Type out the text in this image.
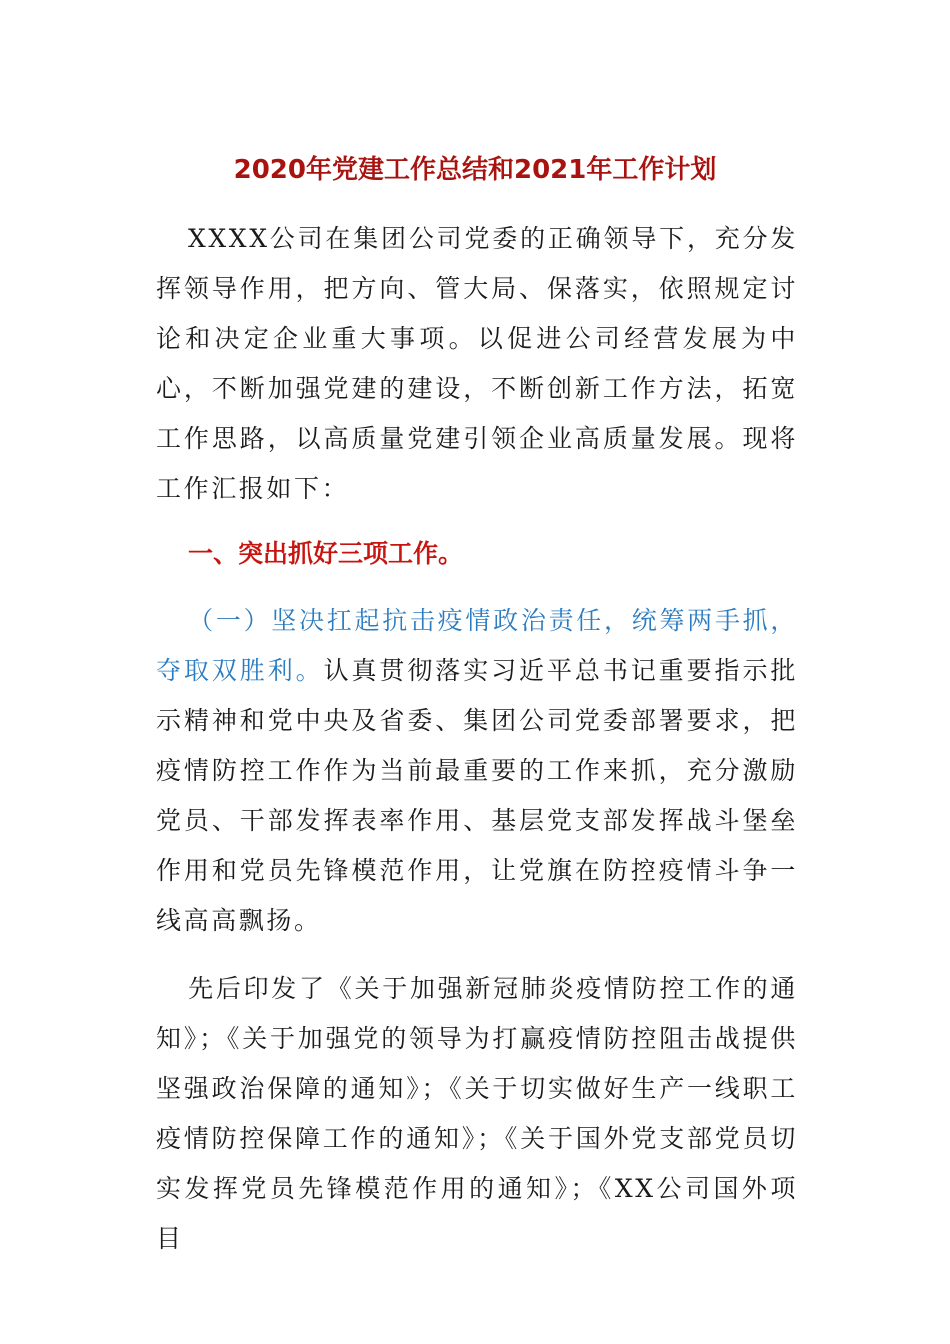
2020年党建工作总结和2021年工作计划
XXXX公司在集团公司党委的正确领导下，充分发挥领导作用，把方向、管大局、保落实，依照规定讨论和决定企业重大事项。以促进公司经营发展为中心，不断加强党建的建设，不断创新工作方法，拓宽工作思路，以高质量党建引领企业高质量发展。现将工作汇报如下：
一、突出抓好三项工作。
（一）坚决扛起抗击疫情政治责任，统筹两手抓，夺取双胜利。认真贯彻落实习近平总书记重要指示批示精神和党中央及省委、集团公司党委部署要求，把疫情防控工作作为当前最重要的工作来抓，充分激励党员、干部发挥表率作用、基层党支部发挥战斗堡垒作用和党员先锋模范作用，让党旗在防控疫情斗争一线高高飘扬。
先后印发了《关于加强新冠肺炎疫情防控工作的通知》；《关于加强党的领导为打赢疫情防控阻击战提供坚强政治保障的通知》；《关于切实做好生产一线职工疫情防控保障工作的通知》；《关于国外党支部党员切实发挥党员先锋模范作用的通知》；《XX公司国外项目
